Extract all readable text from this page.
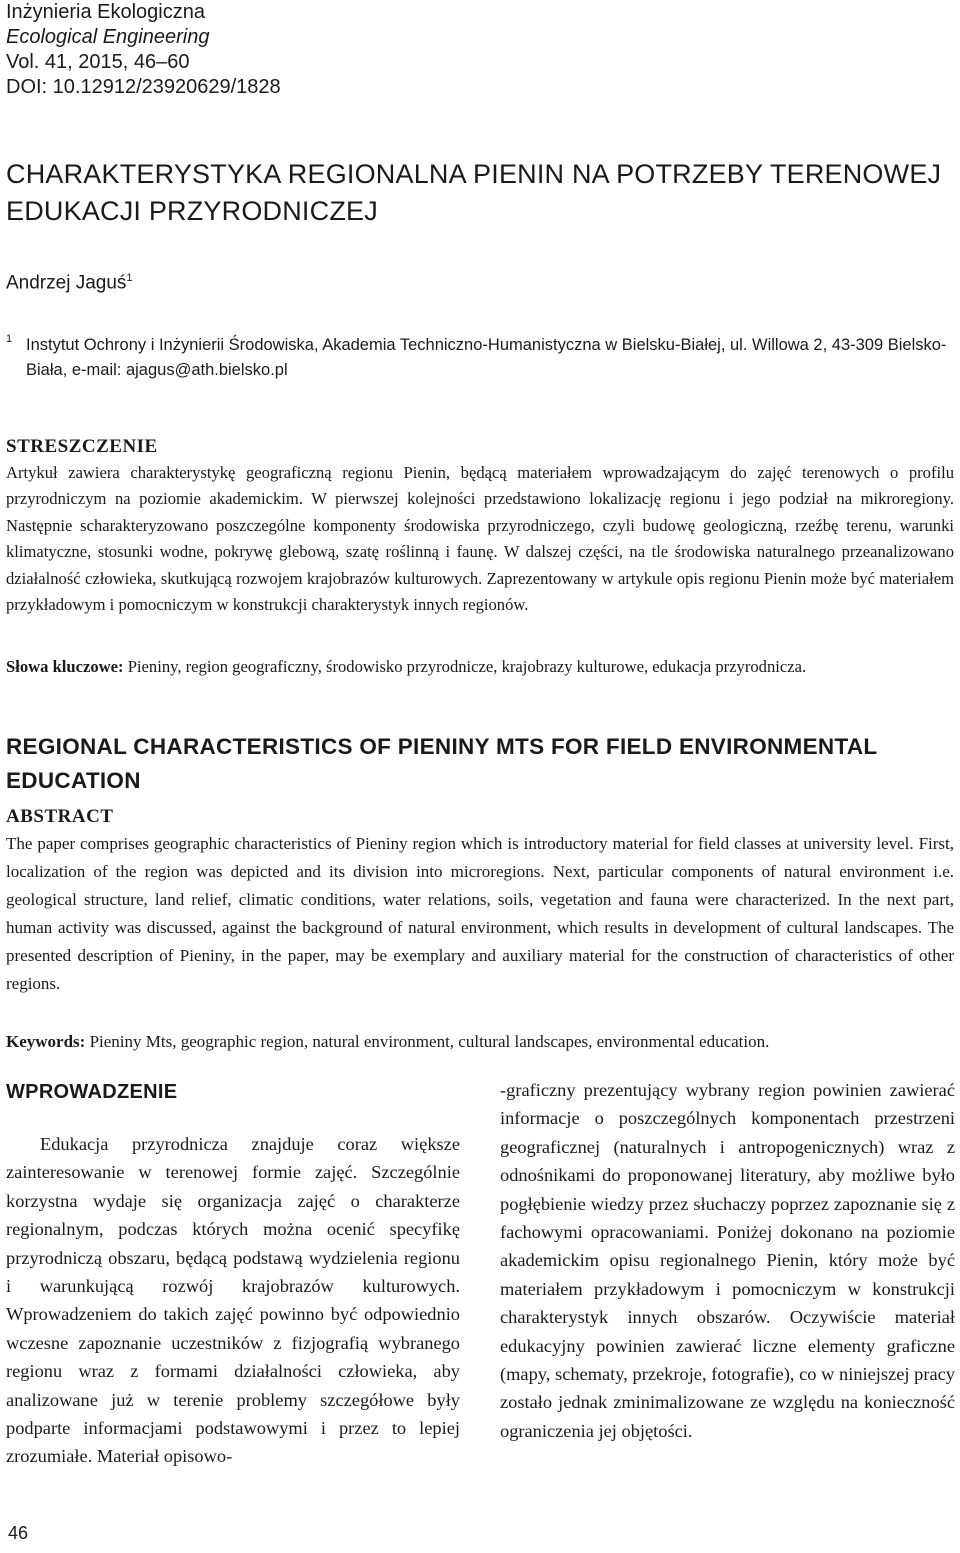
Inżynieria Ekologiczna
Ecological Engineering
Vol. 41, 2015, 46–60
DOI: 10.12912/23920629/1828
CHARAKTERYSTYKA REGIONALNA PIENIN NA POTRZEBY TERENOWEJ EDUKACJI PRZYRODNICZEJ
Andrzej Jaguś$^1$
1 Instytut Ochrony i Inżynierii Środowiska, Akademia Techniczno-Humanistyczna w Bielsku-Białej, ul. Willowa 2, 43-309 Bielsko-Biała, e-mail: ajagus@ath.bielsko.pl
STRESZCZENIE
Artykuł zawiera charakterystykę geograficzną regionu Pienin, będącą materiałem wprowadzającym do zajęć terenowych o profilu przyrodniczym na poziomie akademickim. W pierwszej kolejności przedstawiono lokalizację regionu i jego podział na mikroregiony. Następnie scharakteryzowano poszczególne komponenty środowiska przyrodniczego, czyli budowę geologiczną, rzeźbę terenu, warunki klimatyczne, stosunki wodne, pokrywę glebową, szatę roślinną i faunę. W dalszej części, na tle środowiska naturalnego przeanalizowano działalność człowieka, skutkującą rozwojem krajobrazów kulturowych. Zaprezentowany w artykule opis regionu Pienin może być materiałem przykładowym i pomocniczym w konstrukcji charakterystyk innych regionów.
Słowa kluczowe: Pieniny, region geograficzny, środowisko przyrodnicze, krajobrazy kulturowe, edukacja przyrodnicza.
REGIONAL CHARACTERISTICS OF PIENINY MTS FOR FIELD ENVIRONMENTAL EDUCATION
ABSTRACT
The paper comprises geographic characteristics of Pieniny region which is introductory material for field classes at university level. First, localization of the region was depicted and its division into microregions. Next, particular components of natural environment i.e. geological structure, land relief, climatic conditions, water relations, soils, vegetation and fauna were characterized. In the next part, human activity was discussed, against the background of natural environment, which results in development of cultural landscapes. The presented description of Pieniny, in the paper, may be exemplary and auxiliary material for the construction of characteristics of other regions.
Keywords: Pieniny Mts, geographic region, natural environment, cultural landscapes, environmental education.
WPROWADZENIE
Edukacja przyrodnicza znajduje coraz większe zainteresowanie w terenowej formie zajęć. Szczególnie korzystna wydaje się organizacja zajęć o charakterze regionalnym, podczas których można ocenić specyfikę przyrodniczą obszaru, będącą podstawą wydzielenia regionu i warunkującą rozwój krajobrazów kulturowych. Wprowadzeniem do takich zajęć powinno być odpowiednio wczesne zapoznanie uczestników z fizjografią wybranego regionu wraz z formami działalności człowieka, aby analizowane już w terenie problemy szczegółowe były podparte informacjami podstawowymi i przez to lepiej zrozumiałe. Materiał opisowo-
-graficzny prezentujący wybrany region powinien zawierać informacje o poszczególnych komponentach przestrzeni geograficznej (naturalnych i antropogenicznych) wraz z odnośnikami do proponowanej literatury, aby możliwe było pogłębienie wiedzy przez słuchaczy poprzez zapoznanie się z fachowymi opracowaniami. Poniżej dokonano na poziomie akademickim opisu regionalnego Pienin, który może być materiałem przykładowym i pomocniczym w konstrukcji charakterystyk innych obszarów. Oczywiście materiał edukacyjny powinien zawierać liczne elementy graficzne (mapy, schematy, przekroje, fotografie), co w niniejszej pracy zostało jednak zminimalizowane ze względu na konieczność ograniczenia jej objętości.
46
